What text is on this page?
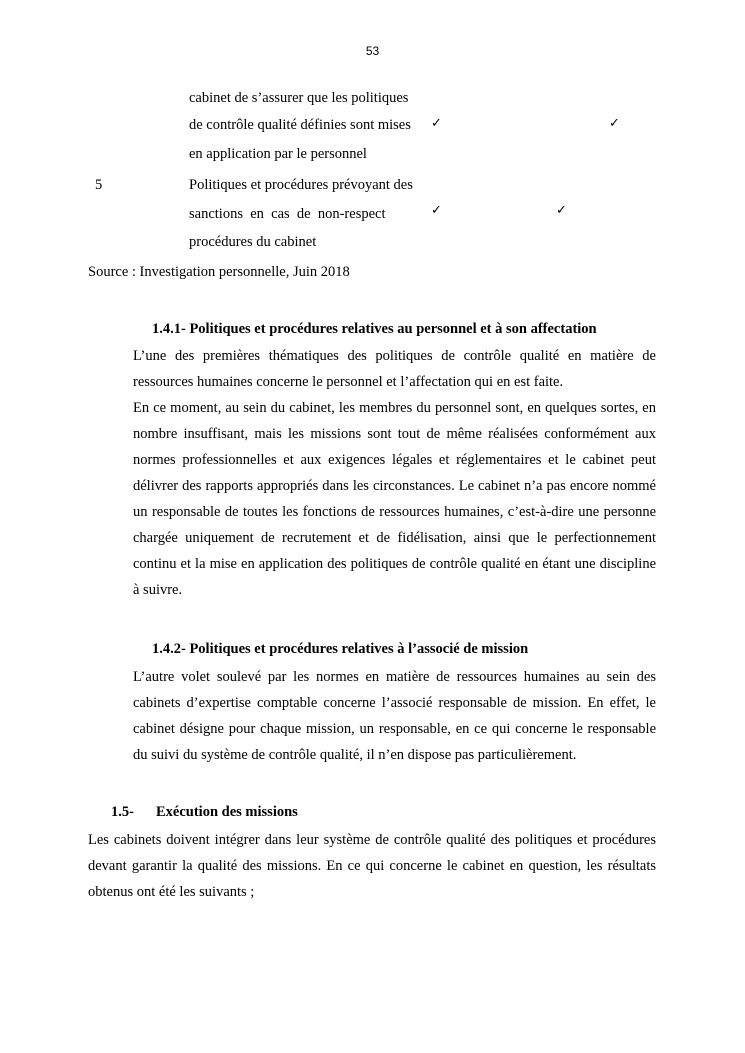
53
cabinet de s’assurer que les politiques
de contrôle qualité définies sont mises
en application par le personnel
✓	✓
5	Politiques et procédures prévoyant des
sanctions  en  cas  de  non-respect
procédures du cabinet
✓	✓
Source : Investigation personnelle, Juin 2018
1.4.1- Politiques et procédures relatives au personnel et à son affectation

L’une des premières thématiques des politiques de contrôle qualité en matière de ressources humaines concerne le personnel et l’affectation qui en est faite.

En ce moment, au sein du cabinet, les membres du personnel sont, en quelques sortes, en nombre insuffisant, mais les missions sont tout de même réalisées conformément aux normes professionnelles et aux exigences légales et réglementaires et le cabinet peut délivrer des rapports appropriés dans les circonstances. Le cabinet n’a pas encore nommé un responsable de toutes les fonctions de ressources humaines, c’est-à-dire une personne chargée uniquement de recrutement et de fidélisation, ainsi que le perfectionnement continu et la mise en application des politiques de contrôle qualité en étant une discipline à suivre.

1.4.2- Politiques et procédures relatives à l’associé de mission

L’autre volet soulevé par les normes en matière de ressources humaines au sein des cabinets d’expertise comptable concerne l’associé responsable de mission. En effet, le cabinet désigne pour chaque mission, un responsable, en ce qui concerne le responsable du suivi du système de contrôle qualité, il n’en dispose pas particulièrement.

1.5- Exécution des missions

Les cabinets doivent intégrer dans leur système de contrôle qualité des politiques et procédures devant garantir la qualité des missions. En ce qui concerne le cabinet en question, les résultats obtenus ont été les suivants ;
